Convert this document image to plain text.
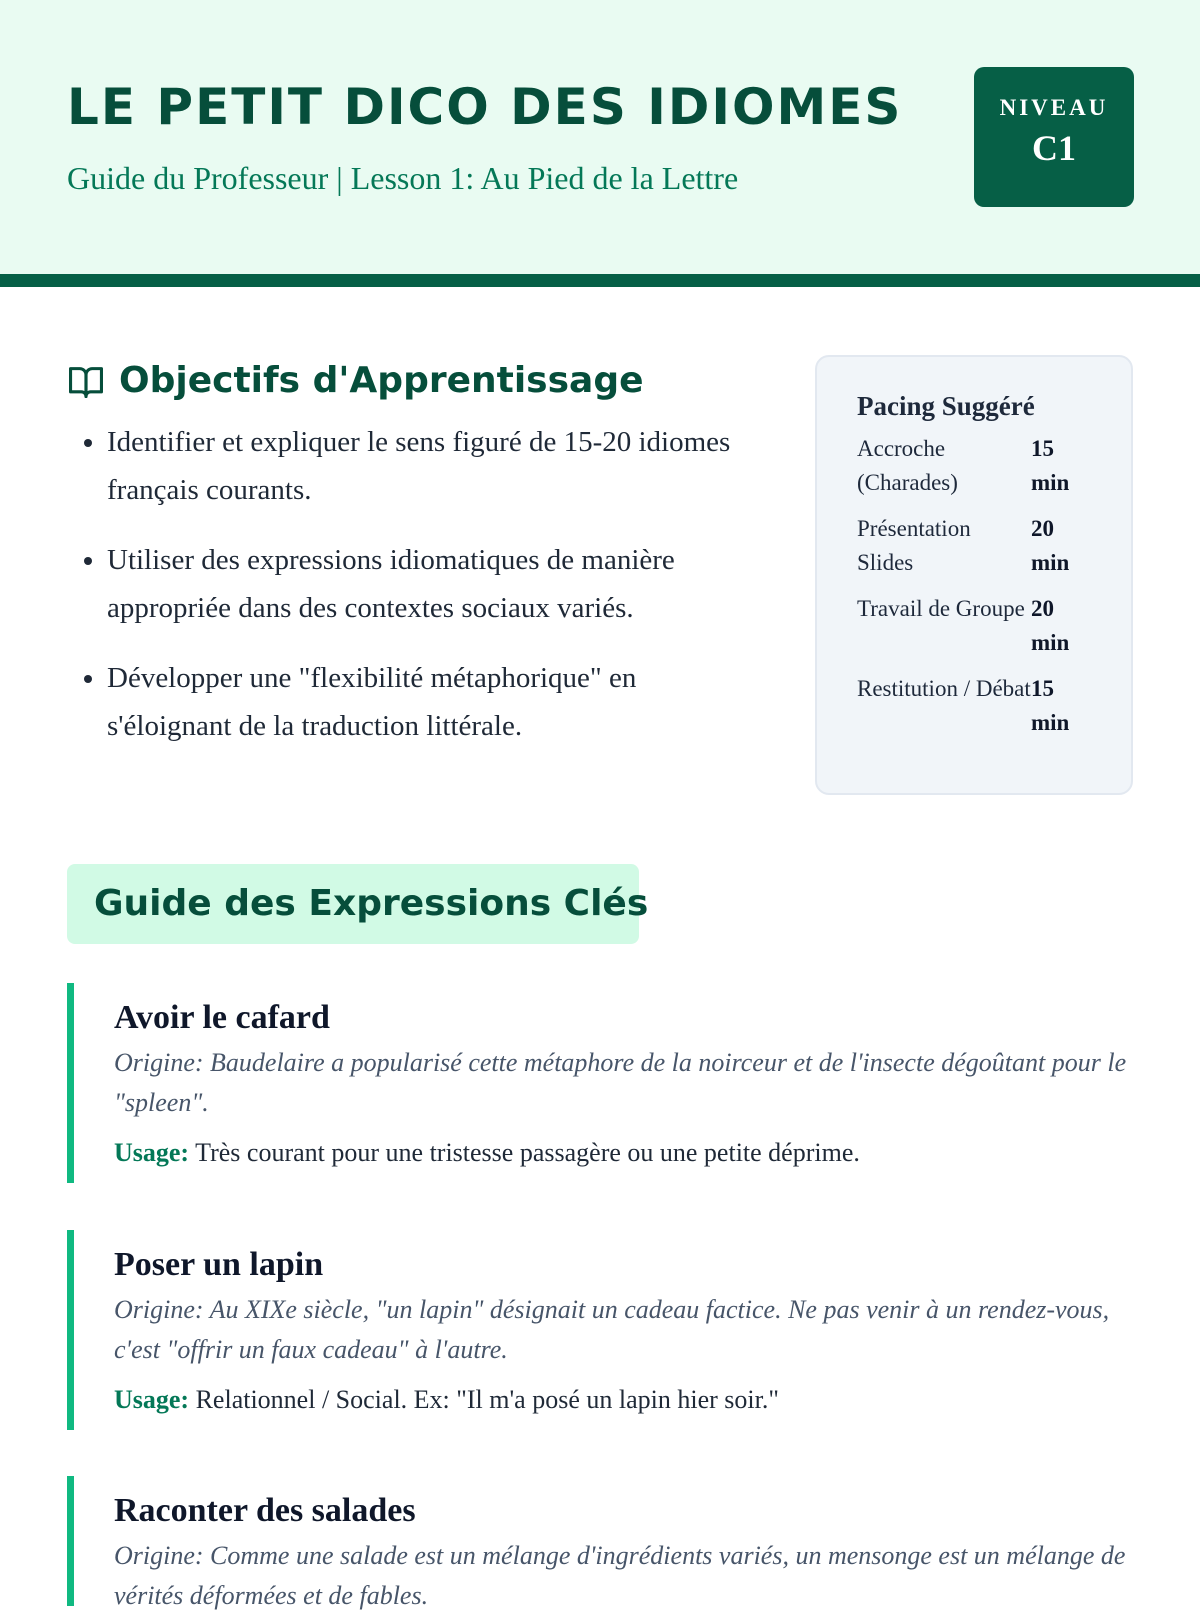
LE PETIT DICO DES IDIOMES
Guide du Professeur | Lesson 1: Au Pied de la Lettre
NIVEAU
C1
Objectifs d'Apprentissage
• Identifier et expliquer le sens figuré de 15-20 idiomes français courants.
• Utiliser des expressions idiomatiques de manière appropriée dans des contextes sociaux variés.
• Développer une "flexibilité métaphorique" en s'éloignant de la traduction littérale.
Pacing Suggéré
Accroche (Charades)
15 min
Présentation Slides
20 min
Travail de Groupe 20 min
Restitution / Débat 15 min
Guide des Expressions Clés
Avoir le cafard

Origine: Baudelaire a popularisé cette métaphore de la noirceur et de l'insecte dégoûtant pour le "spleen".

Usage: Très courant pour une tristesse passagère ou une petite déprime.

Poser un lapin

Origine: Au XIXe siècle, "un lapin" désignait un cadeau factice. Ne pas venir à un rendez-vous, c'est "offrir un faux cadeau" à l'autre.

Usage: Relationnel / Social. Ex: "Il m'a posé un lapin hier soir."

Raconter des salades

Origine: Comme une salade est un mélange d'ingrédients variés, un mensonge est un mélange de vérités déformées et de fables.
